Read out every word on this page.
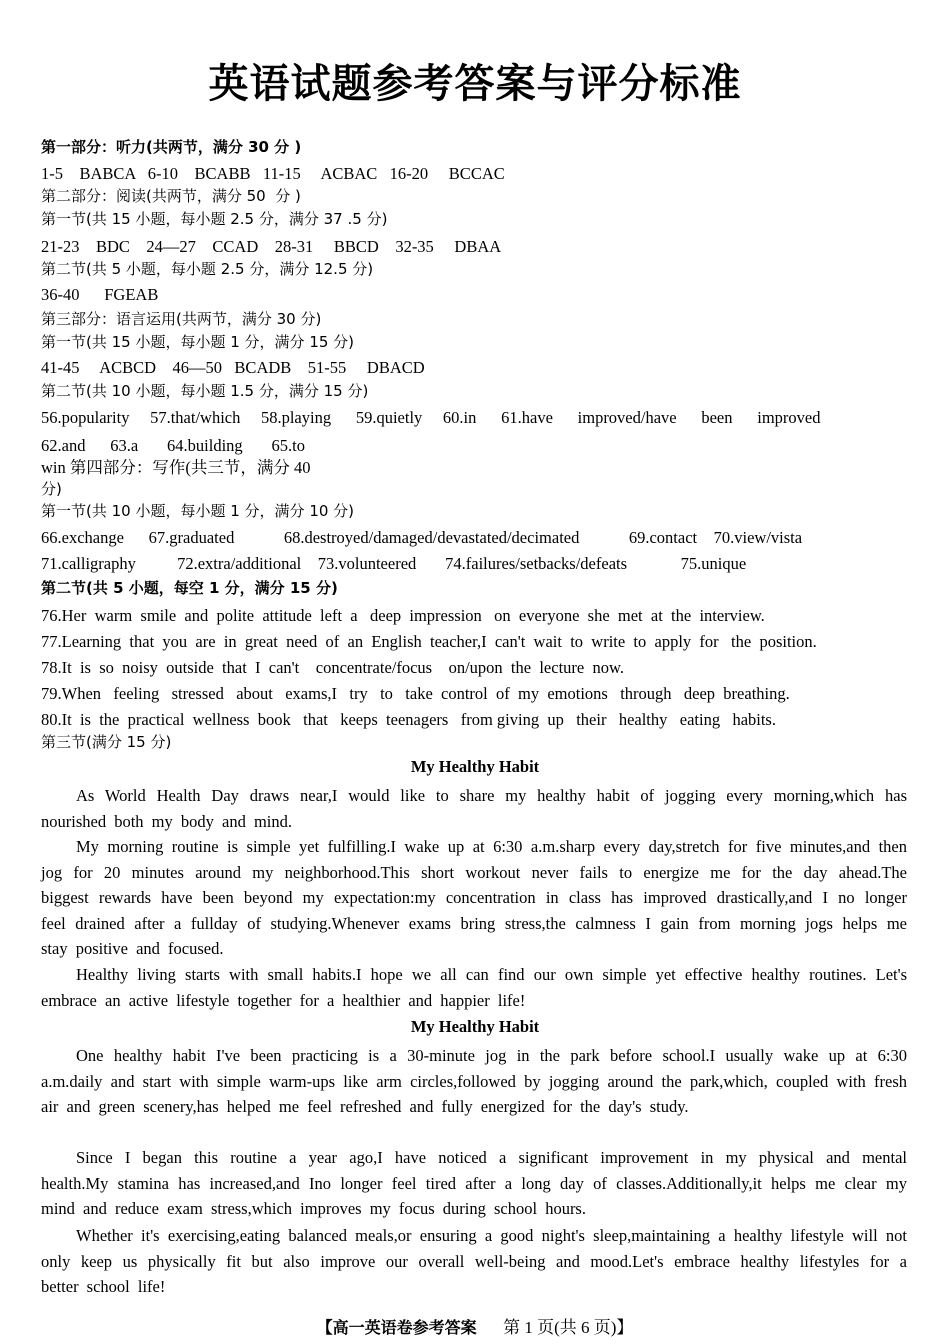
英语试题参考答案与评分标准
第一部分：听力(共两节，满分 30 分 )
1-5    BABCA   6-10    BCABB   11-15     ACBAC   16-20     BCCAC
第二部分：阅读(共两节，满分 50  分 )
第一节(共 15 小题，每小题 2.5 分，满分 37 .5 分)
21-23    BDC    24—27    CCAD    28-31     BBCD    32-35     DBAA
第二节(共 5 小题，每小题 2.5 分，满分 12.5 分)
36-40      FGEAB
第三部分：语言运用(共两节，满分 30 分)
第一节(共 15 小题，每小题 1 分，满分 15 分)
41-45     ACBCD    46—50   BCADB    51-55     DBACD
第二节(共 10 小题，每小题 1.5 分，满分 15 分)
56.popularity     57.that/which     58.playing      59.quietly     60.in      61.have      improved/have      been      improved
62.and      63.a       64.building       65.to
win 第四部分：写作(共三节，满分 40
分)
第一节(共 10 小题，每小题 1 分，满分 10 分)
66.exchange      67.graduated            68.destroyed/damaged/devastated/decimated            69.contact    70.view/vista
71.calligraphy          72.extra/additional    73.volunteered       74.failures/setbacks/defeats             75.unique
第二节(共 5 小题，每空 1 分，满分 15 分)
76.Her  warm  smile  and  polite  attitude  left  a   deep  impression   on  everyone  she  met  at  the  interview.
77.Learning  that  you  are  in  great  need  of  an  English  teacher,I  can't  wait  to  write  to  apply  for   the  position.
78.It  is  so  noisy  outside  that  I  can't    concentrate/focus    on/upon  the  lecture  now.
79.When   feeling   stressed   about   exams,I   try   to   take  control  of  my  emotions   through   deep  breathing.
80.It  is  the  practical  wellness  book   that   keeps  teenagers   from giving  up   their   healthy   eating   habits.
第三节(满分 15 分)
My Healthy Habit
As World Health Day draws near,I would like to share my healthy habit of jogging every morning,which has nourished both my body and mind.
My morning routine is simple yet fulfilling.I wake up at 6:30 a.m.sharp every day,stretch for five minutes,and then jog for 20 minutes around my neighborhood.This short workout never fails to energize me for the day ahead.The biggest rewards have been beyond my expectation:my concentration in class has improved drastically,and I no longer feel drained after a fullday of studying.Whenever exams bring stress,the calmness I gain from morning jogs helps me stay positive and focused.
Healthy living starts with small habits.I hope we all can find our own simple yet effective healthy routines. Let's embrace an active lifestyle together for a healthier and happier life!
My Healthy Habit
One healthy habit I've been practicing is a 30-minute jog in the park before school.I usually wake up at 6:30 a.m.daily and start with simple warm-ups like arm circles,followed by jogging around the park,which, coupled with fresh air and green scenery,has helped me feel refreshed and fully energized for the day's study.
Since I began this routine a year ago,I have noticed a significant improvement in my physical and mental health.My stamina has increased,and Ino longer feel tired after a long day of classes.Additionally,it helps me clear my mind and reduce exam stress,which improves my focus during school hours.
Whether it's exercising,eating balanced meals,or ensuring a good night's sleep,maintaining a healthy lifestyle will not only keep us physically fit but also improve our overall well-being and mood.Let's embrace healthy lifestyles for a better school life!
【高一英语卷参考答案 第 1 页(共 6 页)】
